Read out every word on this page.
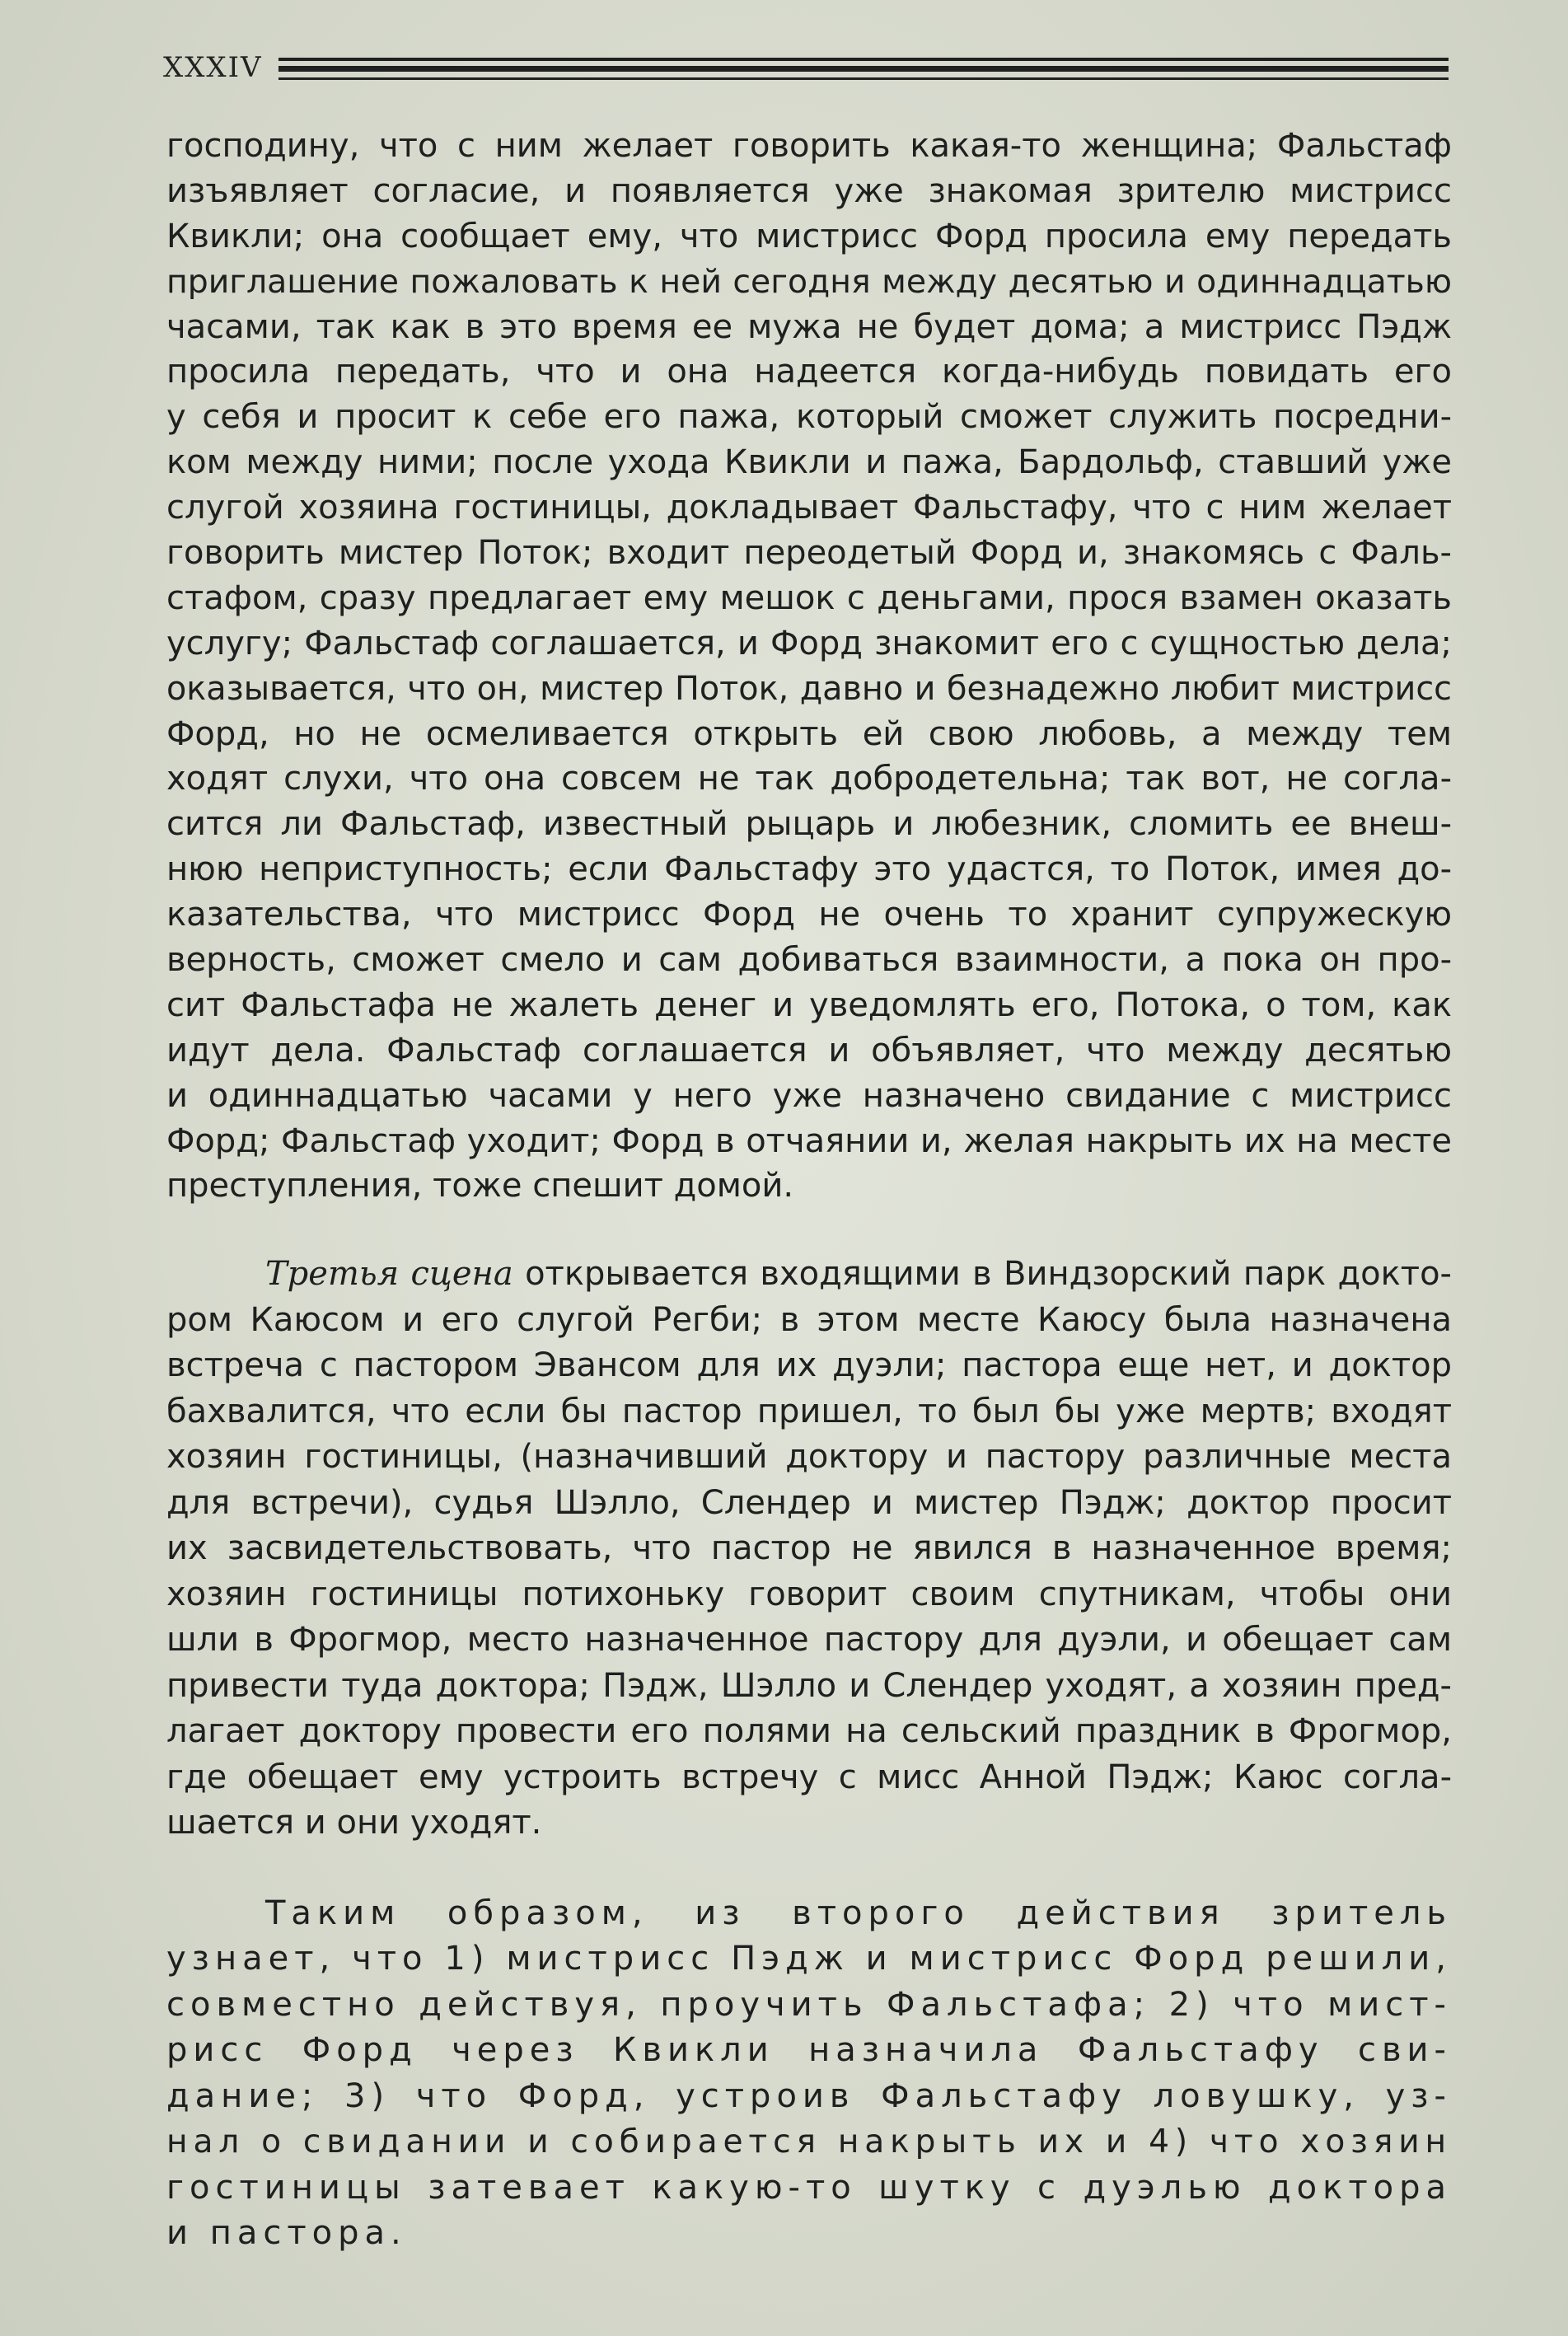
XXXIV
господину, что с ним желает говорить какая-то женщина; Фальстаф
изъявляет согласие, и появляется уже знакомая зрителю мистрисс
Квикли; она сообщает ему, что мистрисс Форд просила ему передать
приглашение пожаловать к ней сегодня между десятью и одиннадцатью
часами, так как в это время ее мужа не будет дома; а мистрисс Пэдж
просила передать, что и она надеется когда-нибудь повидать его
у себя и просит к себе его пажа, который сможет служить посредни-
ком между ними; после ухода Квикли и пажа, Бардольф, ставший уже
слугой хозяина гостиницы, докладывает Фальстафу, что с ним желает
говорить мистер Поток; входит переодетый Форд и, знакомясь с Фаль-
стафом, сразу предлагает ему мешок с деньгами, прося взамен оказать
услугу; Фальстаф соглашается, и Форд знакомит его с сущностью дела;
оказывается, что он, мистер Поток, давно и безнадежно любит мистрисс
Форд, но не осмеливается открыть ей свою любовь, а между тем
ходят слухи, что она совсем не так добродетельна; так вот, не согла-
сится ли Фальстаф, известный рыцарь и любезник, сломить ее внеш-
нюю неприступность; если Фальстафу это удастся, то Поток, имея до-
казательства, что мистрисс Форд не очень то хранит супружескую
верность, сможет смело и сам добиваться взаимности, а пока он про-
сит Фальстафа не жалеть денег и уведомлять его, Потока, о том, как
идут дела. Фальстаф соглашается и объявляет, что между десятью
и одиннадцатью часами у него уже назначено свидание с мистрисс
Форд; Фальстаф уходит; Форд в отчаянии и, желая накрыть их на месте
преступления, тоже спешит домой.
Третья сцена открывается входящими в Виндзорский парк докто-
ром Каюсом и его слугой Регби; в этом месте Каюсу была назначена
встреча с пастором Эвансом для их дуэли; пастора еще нет, и доктор
бахвалится, что если бы пастор пришел, то был бы уже мертв; входят
хозяин гостиницы, (назначивший доктору и пастору различные места
для встречи), судья Шэлло, Слендер и мистер Пэдж; доктор просит
их засвидетельствовать, что пастор не явился в назначенное время;
хозяин гостиницы потихоньку говорит своим спутникам, чтобы они
шли в Фрогмор, место назначенное пастору для дуэли, и обещает сам
привести туда доктора; Пэдж, Шэлло и Слендер уходят, а хозяин пред-
лагает доктору провести его полями на сельский праздник в Фрогмор,
где обещает ему устроить встречу с мисс Анной Пэдж; Каюс согла-
шается и они уходят.
Таким образом, из второго действия зритель
узнает, что 1) мистрисс Пэдж и мистрисс Форд решили,
совместно действуя, проучить Фальстафа; 2) что мист-
рисс Форд через Квикли назначила Фальстафу сви-
дание; 3) что Форд, устроив Фальстафу ловушку, уз-
нал о свидании и собирается накрыть их и 4) что хозяин
гостиницы затевает какую-то шутку с дуэлью доктора
и пастора.
